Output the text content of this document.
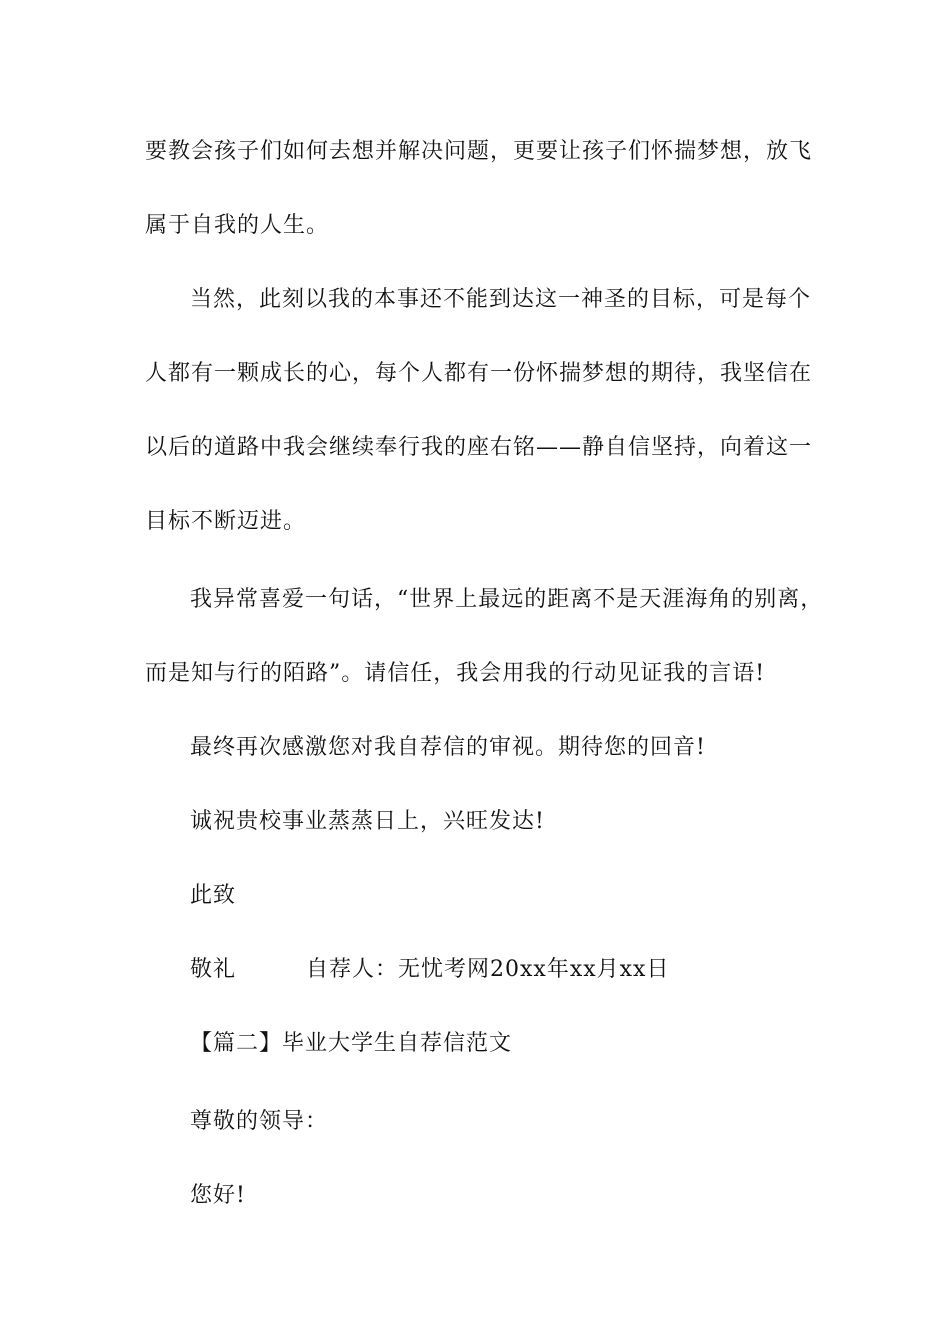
要教会孩子们如何去想并解决问题，更要让孩子们怀揣梦想，放飞
属于自我的人生。
当然，此刻以我的本事还不能到达这一神圣的目标，可是每个
人都有一颗成长的心，每个人都有一份怀揣梦想的期待，我坚信在
以后的道路中我会继续奉行我的座右铭——静自信坚持，向着这一
目标不断迈进。
我异常喜爱一句话，“世界上最远的距离不是天涯海角的别离，
而是知与行的陌路”。请信任，我会用我的行动见证我的言语!
最终再次感激您对我自荐信的审视。期待您的回音!
诚祝贵校事业蒸蒸日上，兴旺发达!
此致
敬礼	自荐人：无忧考网20xx年xx月xx日
【篇二】毕业大学生自荐信范文
尊敬的领导：
您好!
